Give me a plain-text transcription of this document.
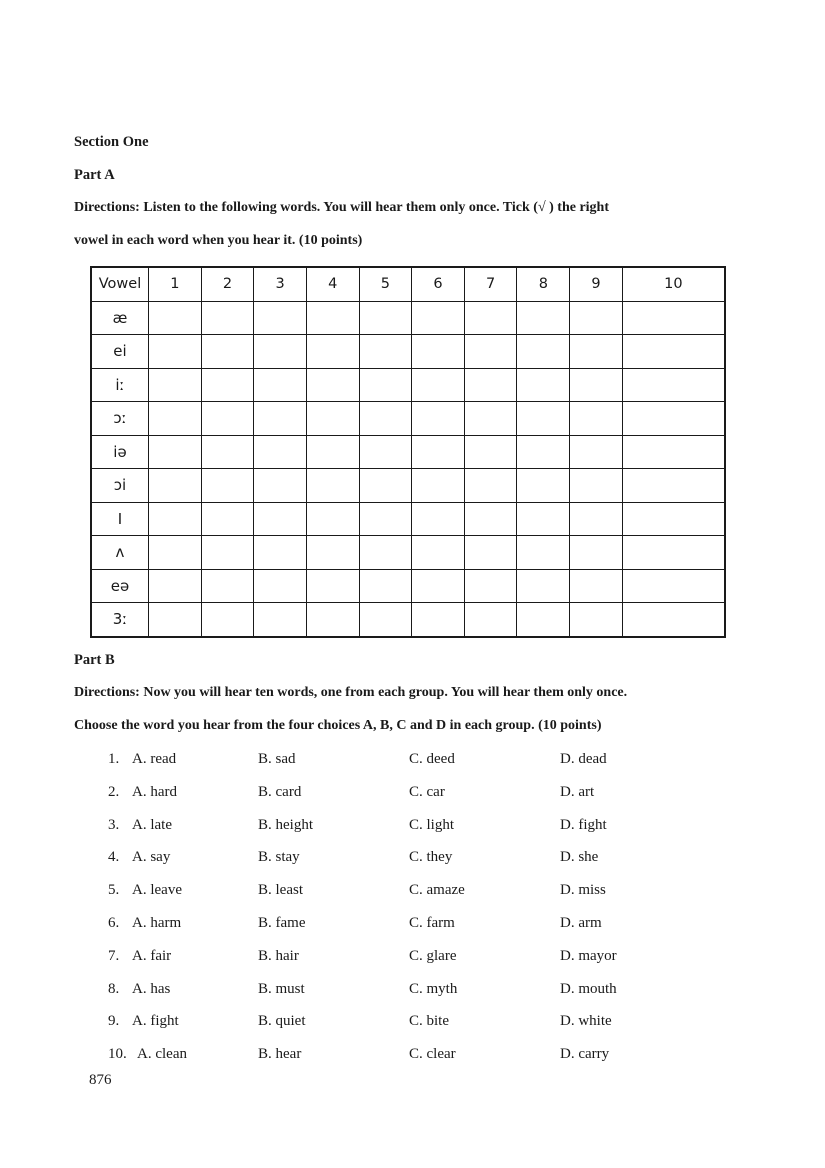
Section One
Part A
Directions: Listen to the following words. You will hear them only once. Tick (√ ) the right
vowel in each word when you hear it. (10 points)
Vowel	1	2	3	4	5	6	7	8	9	10
æ										
ei										
iː										
ɔː										
iə										
ɔi										
I										
ʌ										
eə										
3ː										
Part B
Directions: Now you will hear ten words, one from each group. You will hear them only once.
Choose the word you hear from the four choices A, B, C and D in each group. (10 points)
1. A. read	B. sad	C. deed	D. dead
2. A. hard	B. card	C. car	D. art
3. A. late	B. height	C. light	D. fight
4. A. say	B. stay	C. they	D. she
5. A. leave	B. least	C. amaze	D. miss
6. A. harm	B. fame	C. farm	D. arm
7. A. fair	B. hair	C. glare	D. mayor
8. A. has	B. must	C. myth	D. mouth
9. A. fight	B. quiet	C. bite	D. white
10. A. clean	B. hear	C. clear	D. carry
876
